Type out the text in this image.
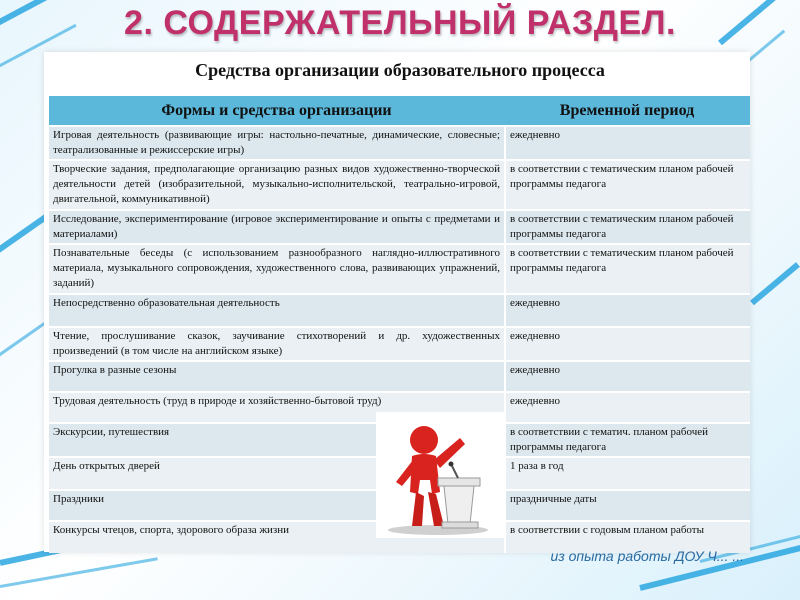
2. СОДЕРЖАТЕЛЬНЫЙ РАЗДЕЛ.
Средства организации образовательного процесса
Формы и средства организации	Временной период
Игровая деятельность (развивающие игры: настольно-печатные, динамические, словесные; театрализованные и режиссерские игры)	ежедневно
Творческие задания, предполагающие организацию разных видов художественно-творческой деятельности детей (изобразительной, музыкально-исполнительской, театрально-игровой, двигательной, коммуникативной)	в соответствии с тематическим планом рабочей программы педагога
Исследование, экспериментирование (игровое экспериментирование и опыты с предметами и материалами)	в соответствии с тематическим планом рабочей программы педагога
Познавательные беседы (с использованием разнообразного наглядно-иллюстративного материала, музыкального сопровождения, художественного слова, развивающих упражнений, заданий)	в соответствии с тематическим планом рабочей программы педагога
Непосредственно образовательная деятельность	ежедневно
Чтение, прослушивание сказок, заучивание стихотворений и др. художественных произведений (в том числе на английском языке)	ежедневно
Прогулка в разные сезоны	ежедневно
Трудовая деятельность (труд в природе и хозяйственно-бытовой труд)	ежедневно
Экскурсии, путешествия	в соответствии с тематич. планом рабочей программы педагога
День открытых дверей	1 раза в год
Праздники	праздничные даты
Конкурсы чтецов, спорта, здорового образа жизни	в соответствии с годовым планом работы
из опыта работы ДОУ Ч... ...
